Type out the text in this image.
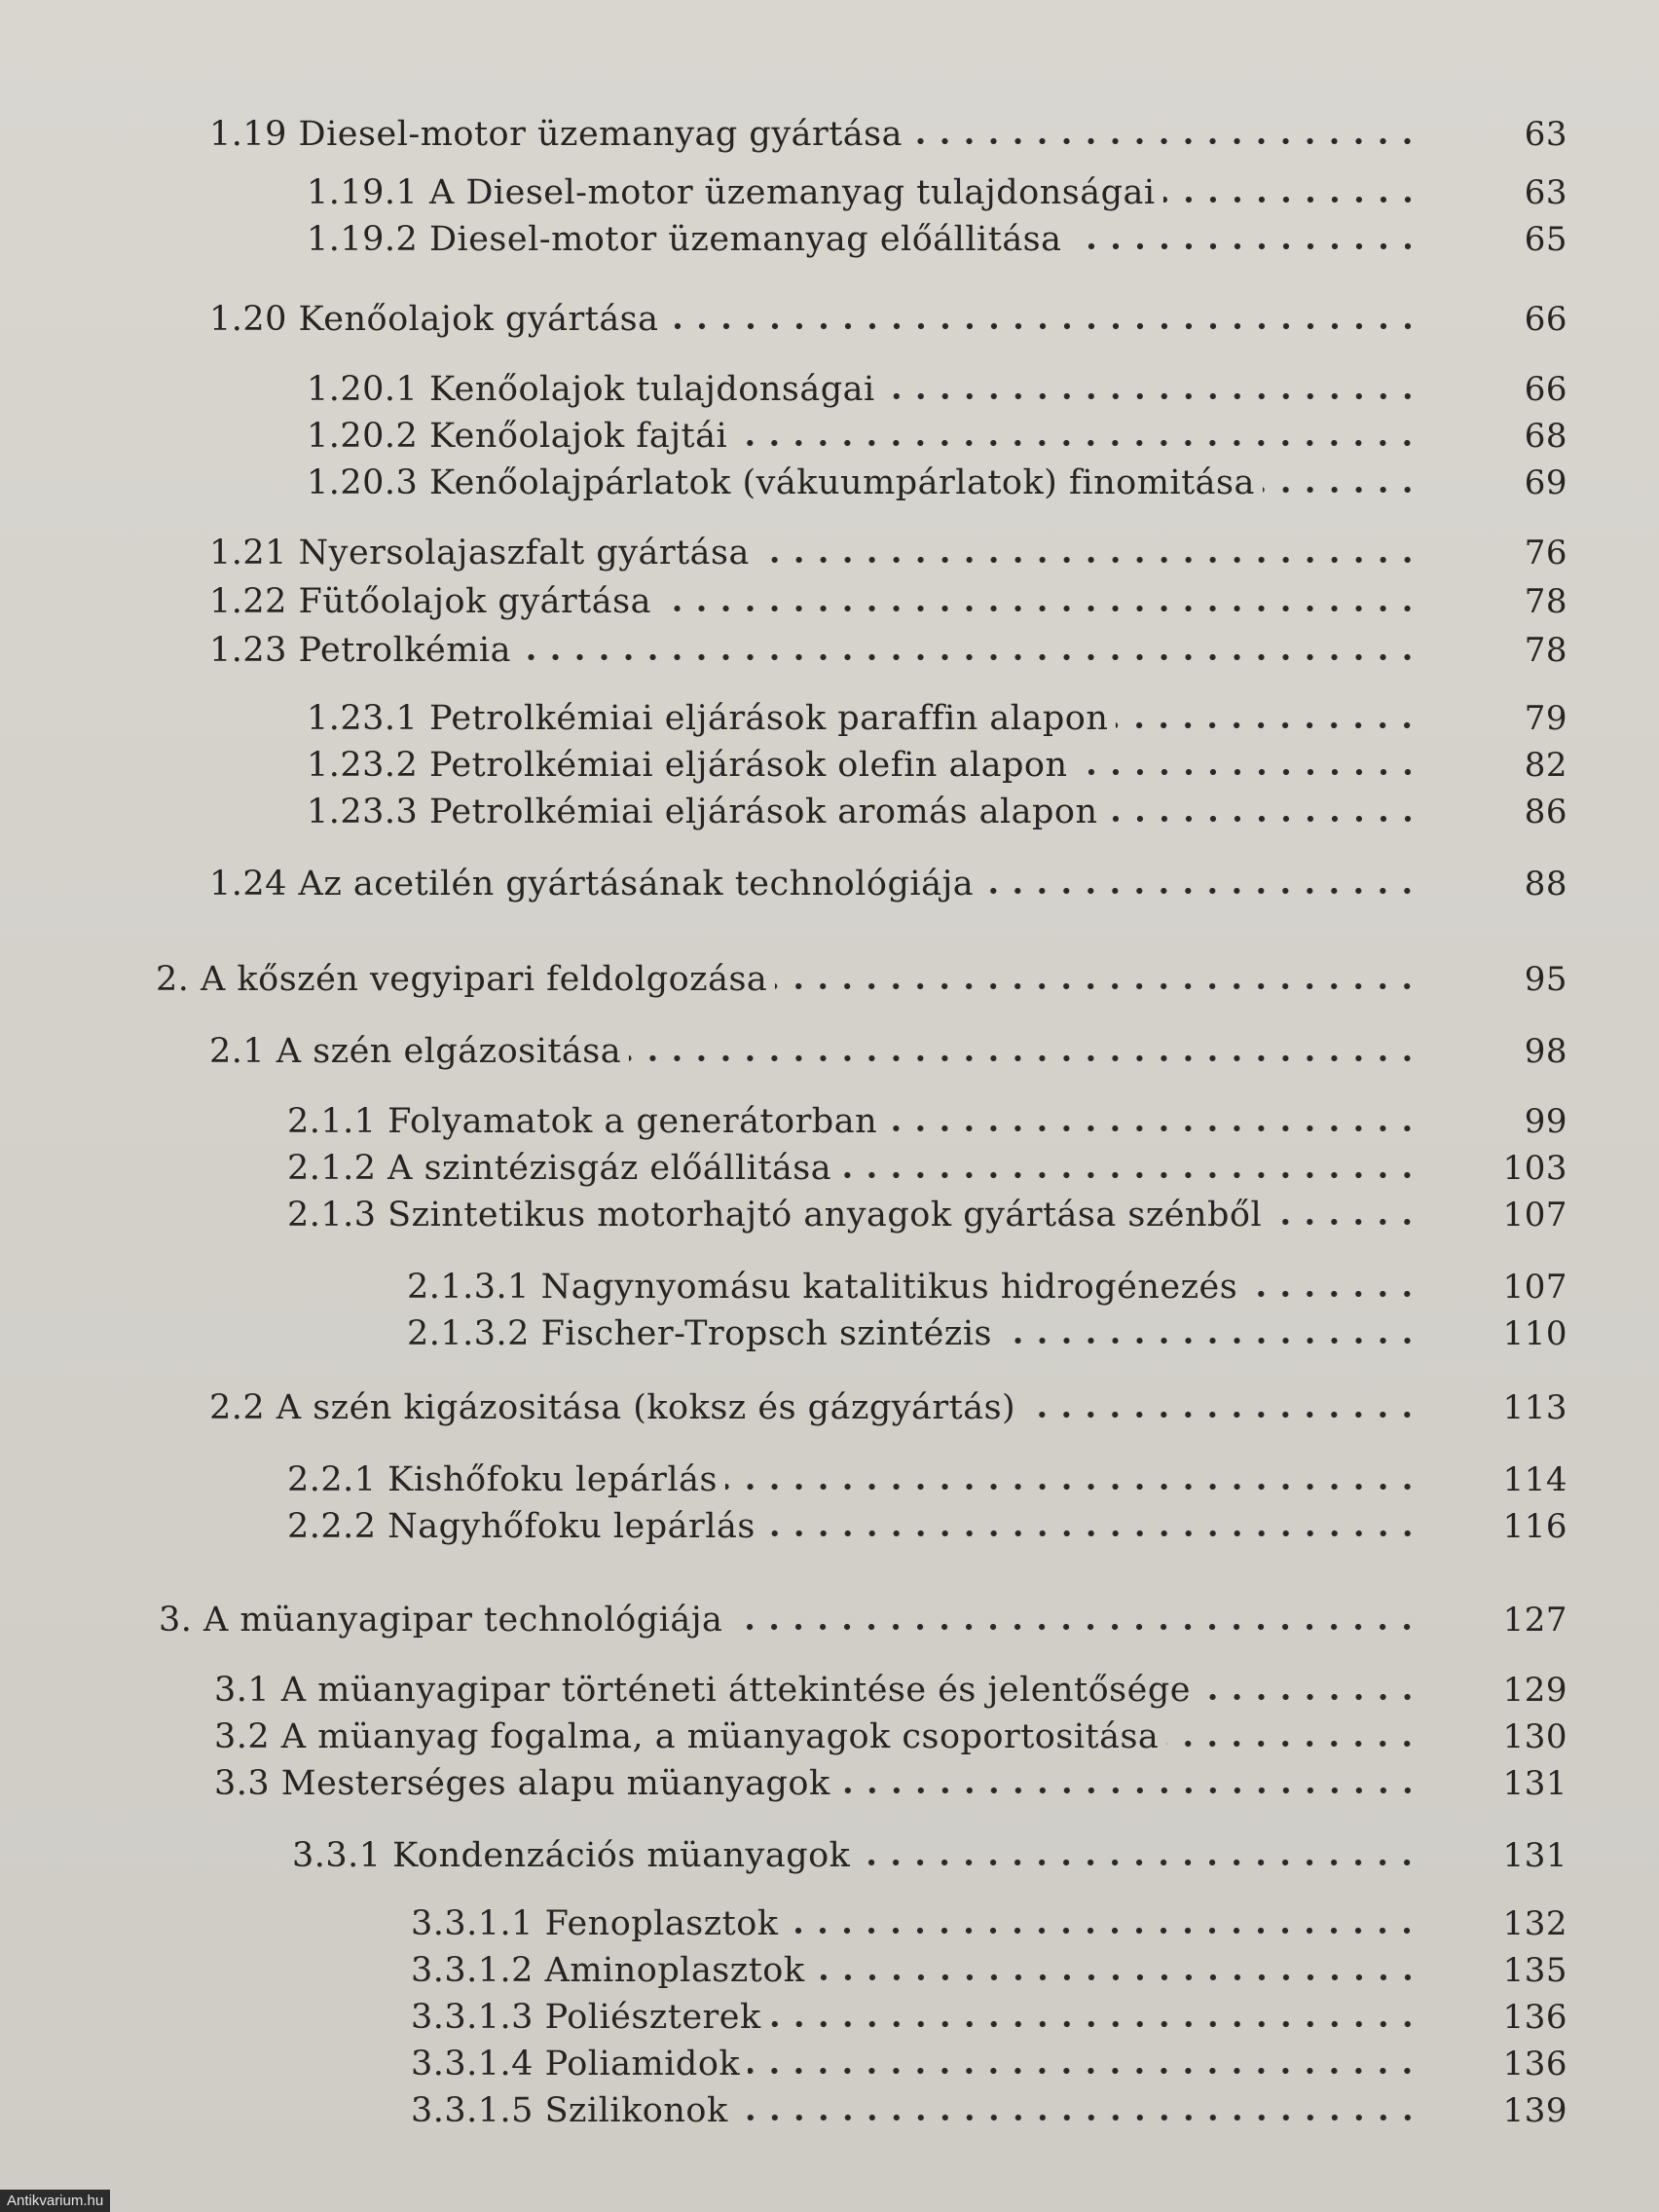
1.19 Diesel-motor üzemanyag gyártása	63
1.19.1 A Diesel-motor üzemanyag tulajdonságai	63
1.19.2 Diesel-motor üzemanyag előállitása	65
1.20 Kenőolajok gyártása	66
1.20.1 Kenőolajok tulajdonságai	66
1.20.2 Kenőolajok fajtái	68
1.20.3 Kenőolajpárlatok (vákuumpárlatok) finomitása	69
1.21 Nyersolajaszfalt gyártása	76
1.22 Fütőolajok gyártása	78
1.23 Petrolkémia	78
1.23.1 Petrolkémiai eljárások paraffin alapon	79
1.23.2 Petrolkémiai eljárások olefin alapon	82
1.23.3 Petrolkémiai eljárások aromás alapon	86
1.24 Az acetilén gyártásának technológiája	88
2. A kőszén vegyipari feldolgozása	95
2.1 A szén elgázositása	98
2.1.1 Folyamatok a generátorban	99
2.1.2 A szintézisgáz előállitása	103
2.1.3 Szintetikus motorhajtó anyagok gyártása szénből	107
2.1.3.1 Nagynyomásu katalitikus hidrogénezés	107
2.1.3.2 Fischer-Tropsch szintézis	110
2.2 A szén kigázositása (koksz és gázgyártás)	113
2.2.1 Kishőfoku lepárlás	114
2.2.2 Nagyhőfoku lepárlás	116
3. A müanyagipar technológiája	127
3.1 A müanyagipar történeti áttekintése és jelentősége	129
3.2 A müanyag fogalma, a müanyagok csoportositása	130
3.3 Mesterséges alapu müanyagok	131
3.3.1 Kondenzációs müanyagok	131
3.3.1.1 Fenoplasztok	132
3.3.1.2 Aminoplasztok	135
3.3.1.3 Poliészterek	136
3.3.1.4 Poliamidok	136
3.3.1.5 Szilikonok	139
Antikvarium.hu
